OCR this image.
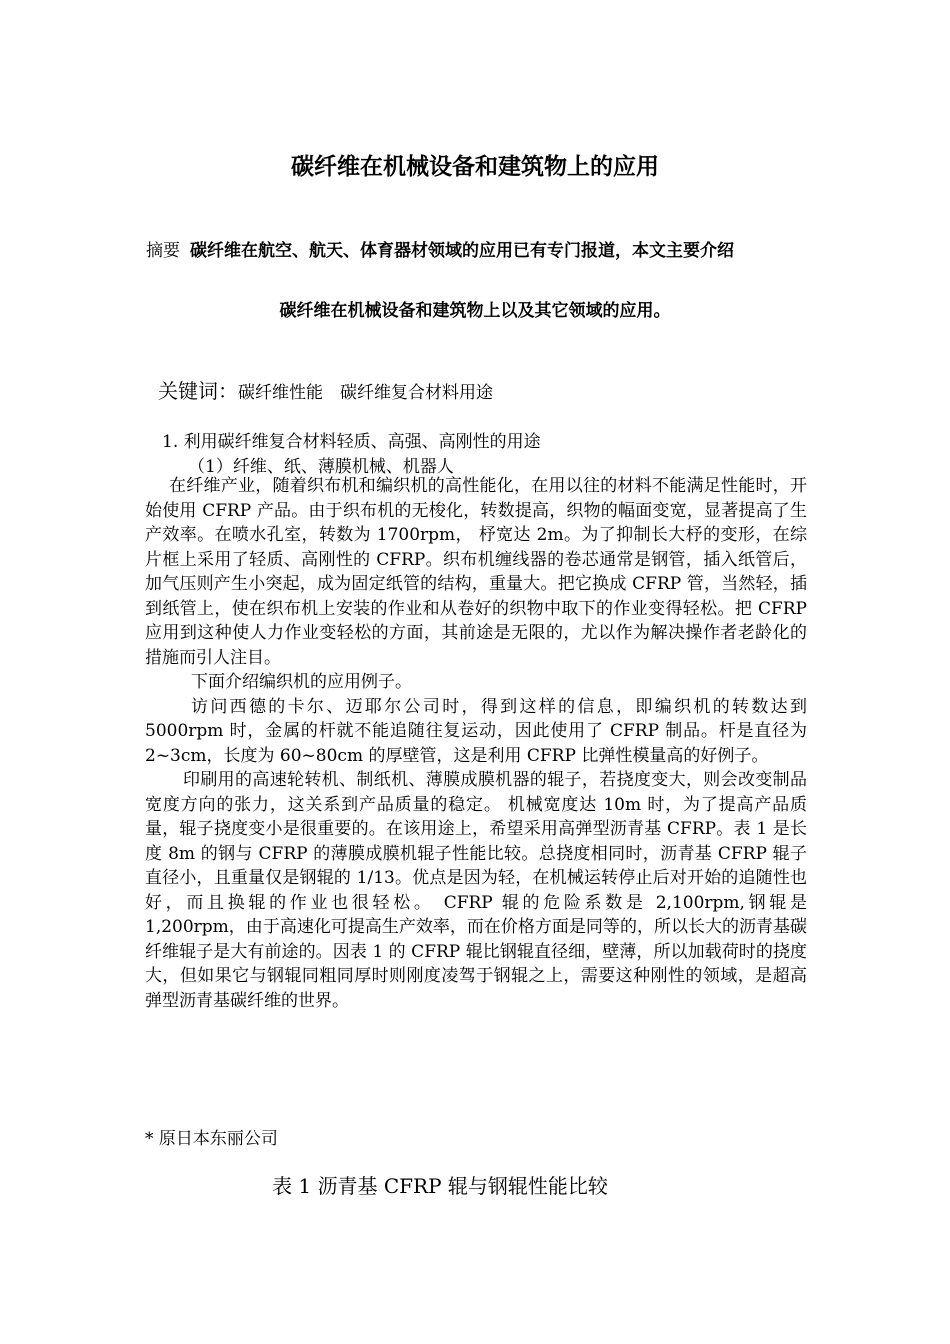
碳纤维在机械设备和建筑物上的应用
摘要 碳纤维在航空、航天、体育器材领域的应用已有专门报道，本文主要介绍
碳纤维在机械设备和建筑物上以及其它领域的应用。
关键词：碳纤维性能　碳纤维复合材料用途
1. 利用碳纤维复合材料轻质、高强、高刚性的用途
（1）纤维、纸、薄膜机械、机器人

在纤维产业，随着织布机和编织机的高性能化，在用以往的材料不能满足性能时，开始使用 CFRP 产品。由于织布机的无梭化，转数提高，织物的幅面变宽，显著提高了生产效率。在喷水孔室，转数为 1700rpm， 杼宽达 2m。为了抑制长大杼的变形，在综片框上采用了轻质、高刚性的 CFRP。织布机缠线器的卷芯通常是钢管，插入纸管后，加气压则产生小突起，成为固定纸管的结构，重量大。把它换成 CFRP 管，当然轻，插到纸管上，使在织布机上安装的作业和从卷好的织物中取下的作业变得轻松。把 CFRP 应用到这种使人力作业变轻松的方面，其前途是无限的，尤以作为解决操作者老龄化的措施而引人注目。

下面介绍编织机的应用例子。

访问西德的卡尔、迈耶尔公司时，得到这样的信息，即编织机的转数达到 5000rpm 时，金属的杆就不能追随往复运动，因此使用了 CFRP 制品。杆是直径为 2~3cm，长度为 60~80cm 的厚壁管，这是利用 CFRP 比弹性模量高的好例子。

印刷用的高速轮转机、制纸机、薄膜成膜机器的辊子，若挠度变大，则会改变制品宽度方向的张力，这关系到产品质量的稳定。 机械宽度达 10m 时，为了提高产品质量，辊子挠度变小是很重要的。在该用途上，希望采用高弹型沥青基 CFRP。表 1 是长度 8m 的钢与 CFRP 的薄膜成膜机辊子性能比较。总挠度相同时，沥青基 CFRP 辊子直径小，且重量仅是钢辊的 1/13。优点是因为轻，在机械运转停止后对开始的追随性也好，而且换辊的作业也很轻松。 CFRP 辊的危险系数是 2,100rpm,钢辊是 1,200rpm，由于高速化可提高生产效率，而在价格方面是同等的，所以长大的沥青基碳纤维辊子是大有前途的。因表 1 的 CFRP 辊比钢辊直径细，壁薄，所以加载荷时的挠度大，但如果它与钢辊同粗同厚时则刚度凌驾于钢辊之上，需要这种刚性的领域，是超高弹型沥青基碳纤维的世界。

* 原日本东丽公司
表 1 沥青基 CFRP 辊与钢辊性能比较
